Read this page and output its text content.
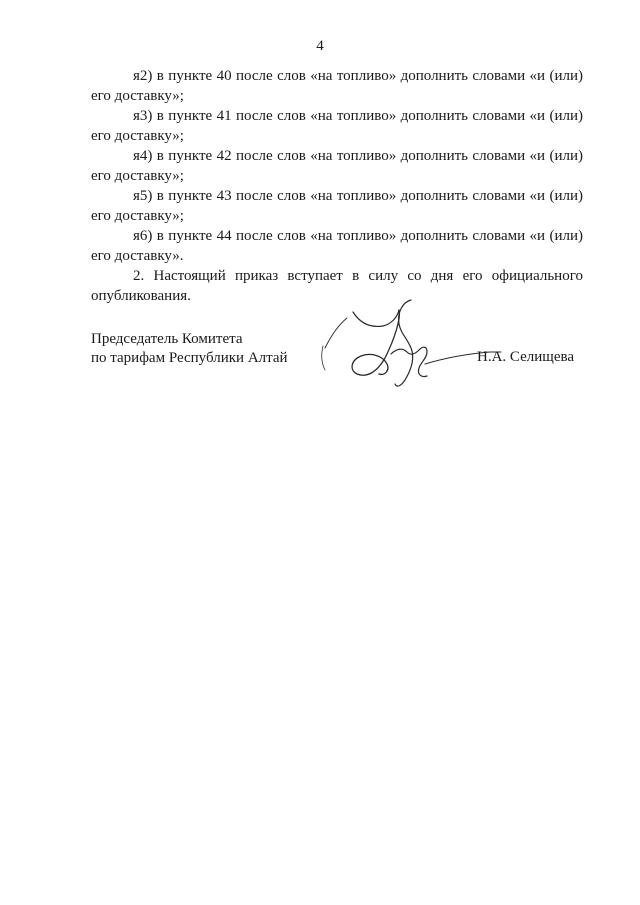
4

я2) в пункте 40 после слов «на топливо» дополнить словами «и (или) его доставку»;

я3) в пункте 41 после слов «на топливо» дополнить словами «и (или) его доставку»;

я4) в пункте 42 после слов «на топливо» дополнить словами «и (или) его доставку»;

я5) в пункте 43 после слов «на топливо» дополнить словами «и (или) его доставку»;

я6) в пункте 44 после слов «на топливо» дополнить словами «и (или) его доставку».

2. Настоящий приказ вступает в силу со дня его официального опубликования.

Председатель Комитета
по тарифам Республики Алтай	Н.А. Селищева
